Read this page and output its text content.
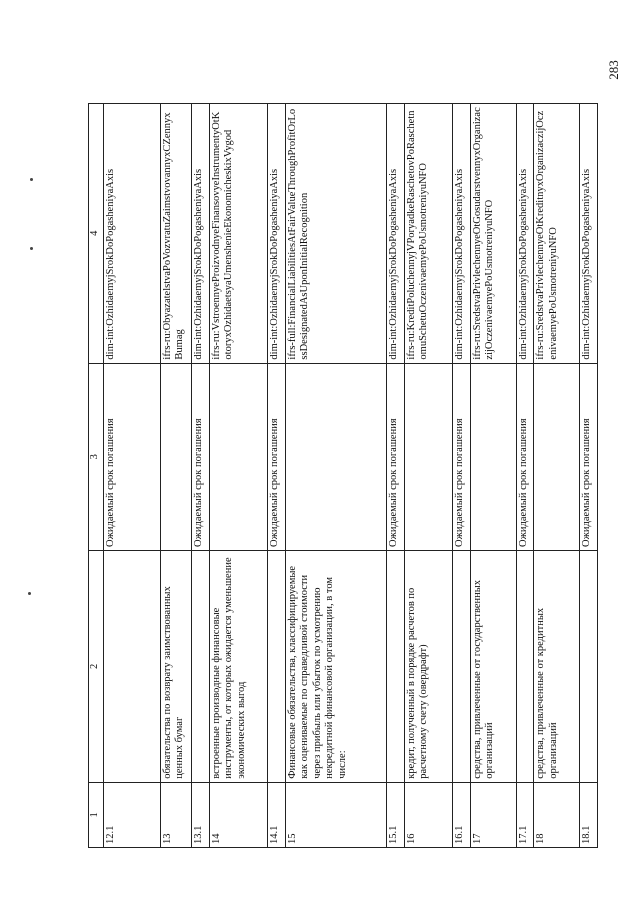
283
1	2	3	4
12.1		Ожидаемый срок погашения	dim-int:OzhidaemyjSrokDoPogasheniyaAxis
13	обязательства по возврату заимствованных ценных бумаг		ifrs-ru:ObyazatelstvaPoVozvratuZaimstvovannyxCZennyxBumag
13.1		Ожидаемый срок погашения	dim-int:OzhidaemyjSrokDoPogasheniyaAxis
14	встроенные производные финансовые инструменты, от которых ожидается уменьшение экономических выгод		ifrs-ru:VstroennyeProizvodnyeFinansovyeInstrumentyOtKotoryxOzhidaetsyaUmenshenieEkonomicheskixVygod
14.1		Ожидаемый срок погашения	dim-int:OzhidaemyjSrokDoPogasheniyaAxis
15	Финансовые обязательства, классифицируемые как оцениваемые по справедливой стоимости через прибыль или убыток по усмотрению некредитной финансовой организации, в том числе:		ifrs-full:FinancialLiabilitiesAtFairValueThroughProfitOrLossDesignatedAsUponInitialRecognition
15.1		Ожидаемый срок погашения	dim-int:OzhidaemyjSrokDoPogasheniyaAxis
16	кредит, полученный в порядке расчетов по расчетному счету (овердрафт)		ifrs-ru:KreditPoluchennyjVPoryadkeRaschetovPoRaschetnomuSchetuOczenivaemyePoUsmotreniyuNFO
16.1		Ожидаемый срок погашения	dim-int:OzhidaemyjSrokDoPogasheniyaAxis
17	средства, привлеченные от государственных организаций		ifrs-ru:SredstvaPrivlechennyeOtGosudarstvennyxOrganizaczijOczenivaemyePoUsmotreniyuNFO
17.1		Ожидаемый срок погашения	dim-int:OzhidaemyjSrokDoPogasheniyaAxis
18	средства, привлеченные от кредитных организаций		ifrs-ru:SredstvaPrivlechennyeOtKreditnyxOrganizaczijOczenivaemyePoUsmotreniyuNFO
18.1		Ожидаемый срок погашения	dim-int:OzhidaemyjSrokDoPogasheniyaAxis
